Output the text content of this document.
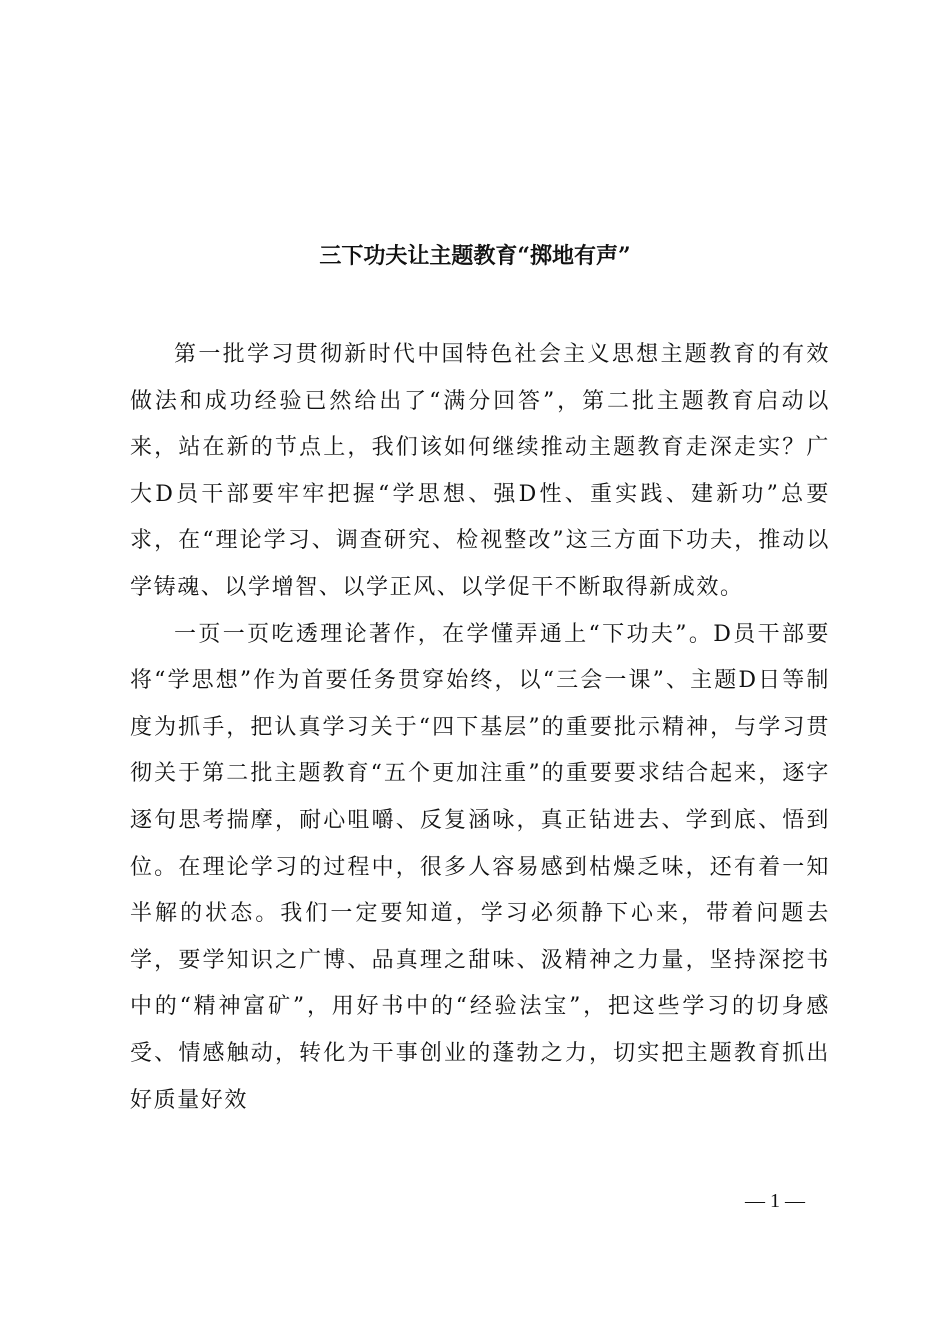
三下功夫让主题教育“掷地有声”

第一批学习贯彻新时代中国特色社会主义思想主题教育的有效做法和成功经验已然给出了“满分回答”，第二批主题教育启动以来，站在新的节点上，我们该如何继续推动主题教育走深走实？广大D员干部要牢牢把握“学思想、强D性、重实践、建新功”总要求，在“理论学习、调查研究、检视整改”这三方面下功夫，推动以学铸魂、以学增智、以学正风、以学促干不断取得新成效。

一页一页吃透理论著作，在学懂弄通上“下功夫”。D员干部要将“学思想”作为首要任务贯穿始终，以“三会一课”、主题D日等制度为抓手，把认真学习关于“四下基层”的重要批示精神，与学习贯彻关于第二批主题教育“五个更加注重”的重要要求结合起来，逐字逐句思考揣摩，耐心咀嚼、反复涵咏，真正钻进去、学到底、悟到位。在理论学习的过程中，很多人容易感到枯燥乏味，还有着一知半解的状态。我们一定要知道，学习必须静下心来，带着问题去学，要学知识之广博、品真理之甜味、汲精神之力量，坚持深挖书中的“精神富矿”，用好书中的“经验法宝”，把这些学习的切身感受、情感触动，转化为干事创业的蓬勃之力，切实把主题教育抓出好质量好效

— 1 —
